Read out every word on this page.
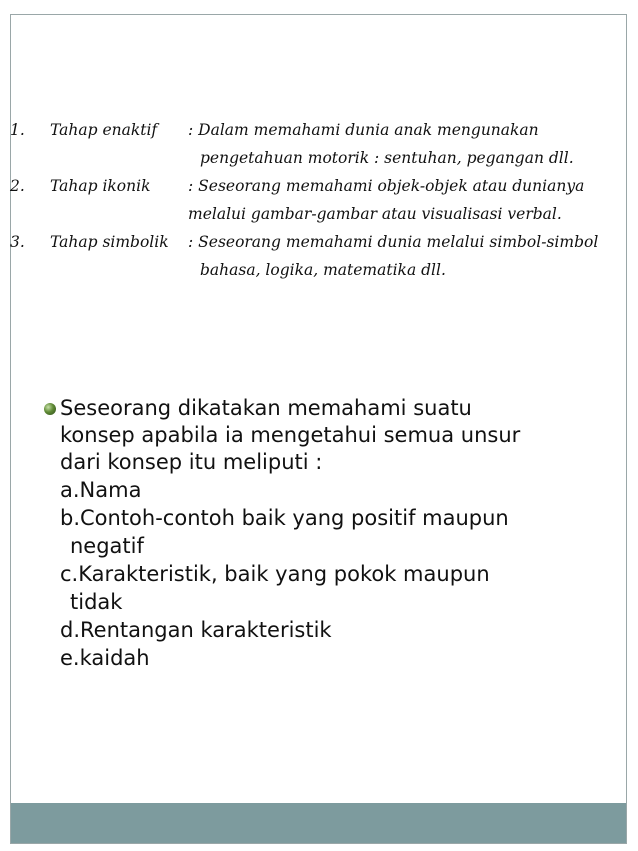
1. Tahap enaktif : Dalam memahami dunia anak mengunakan
pengetahuan motorik : sentuhan, pegangan dll.
2. Tahap ikonik : Seseorang memahami objek-objek atau dunianya
melalui gambar-gambar atau visualisasi verbal.
3. Tahap simbolik : Seseorang memahami dunia melalui simbol-simbol
bahasa, logika, matematika dll.
Seseorang dikatakan memahami suatu
konsep apabila ia mengetahui semua unsur
dari konsep itu meliputi :
a.Nama
b.Contoh-contoh baik yang positif maupun
negatif
c.Karakteristik, baik yang pokok maupun
tidak
d.Rentangan karakteristik
e.kaidah
